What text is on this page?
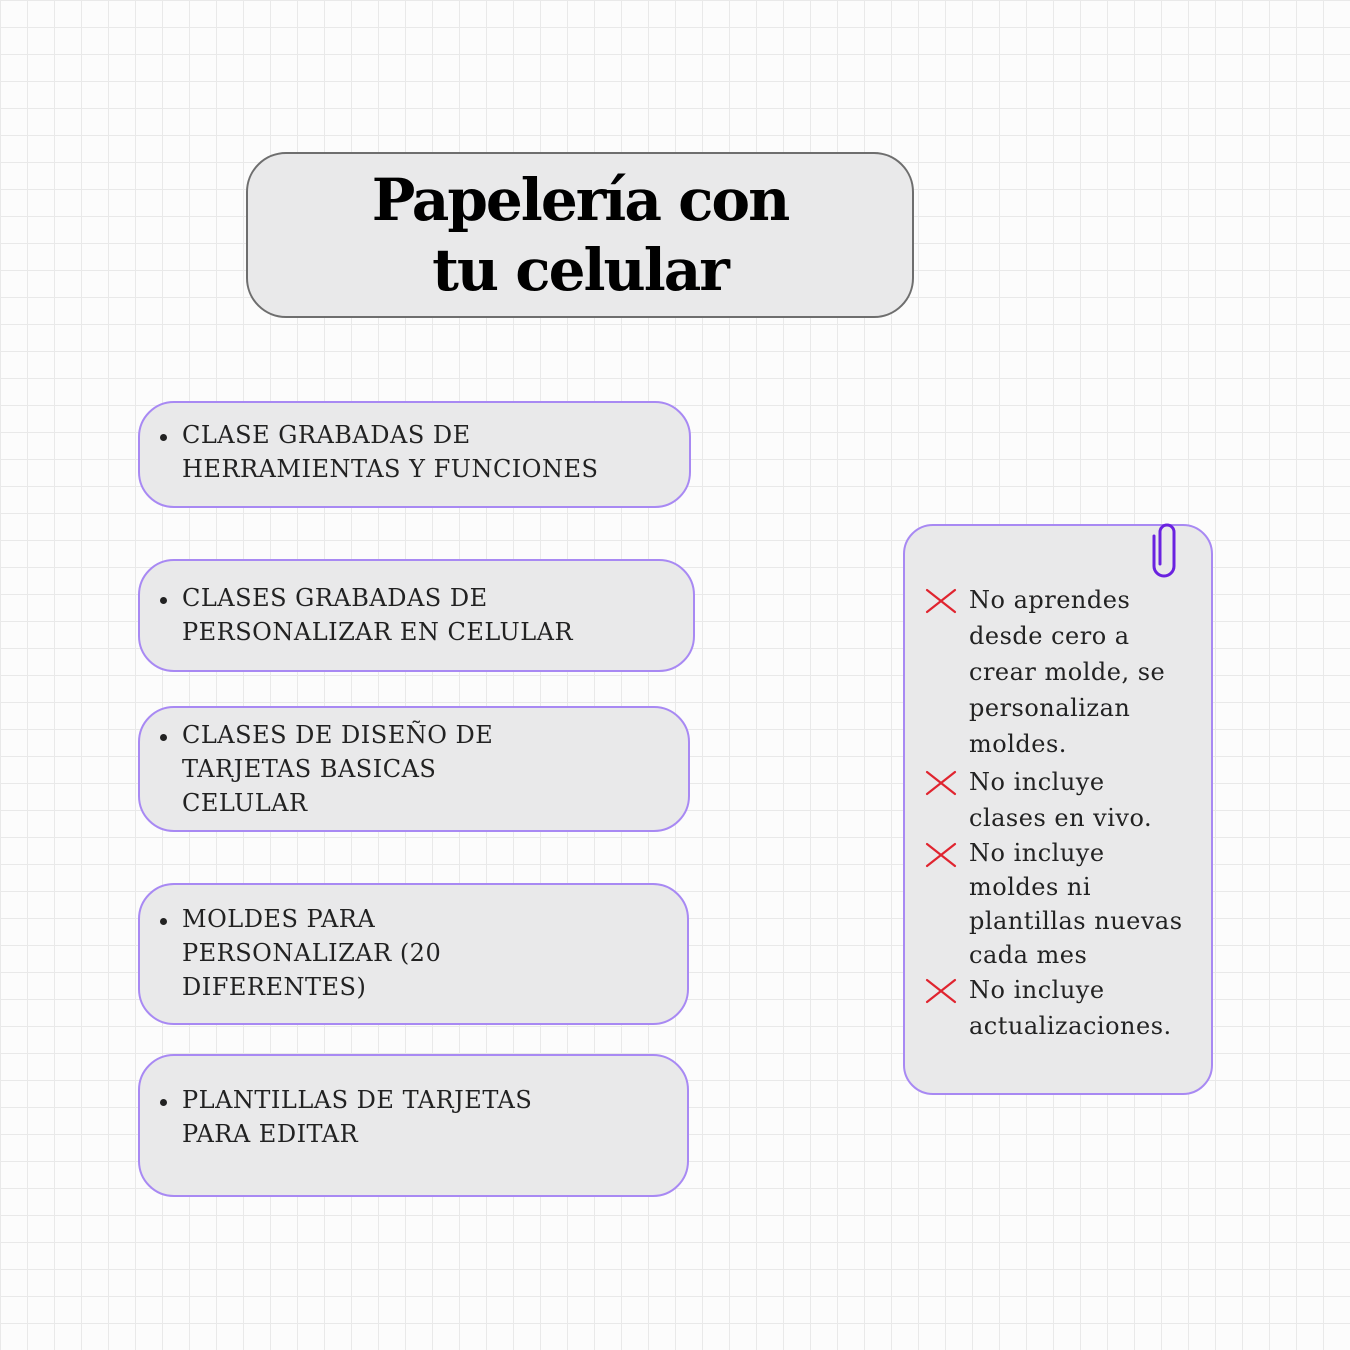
Papelería con tu celular
CLASE GRABADAS DE
HERRAMIENTAS Y FUNCIONES
CLASES GRABADAS DE
PERSONALIZAR EN CELULAR
CLASES DE DISEÑO DE
TARJETAS BASICAS
CELULAR
MOLDES PARA
PERSONALIZAR (20
DIFERENTES)
PLANTILLAS DE TARJETAS
PARA EDITAR
No aprendes
desde cero a
crear molde, se
personalizan
moldes.
No incluye
clases en vivo.
No incluye
moldes ni
plantillas nuevas
cada mes
No incluye
actualizaciones.
